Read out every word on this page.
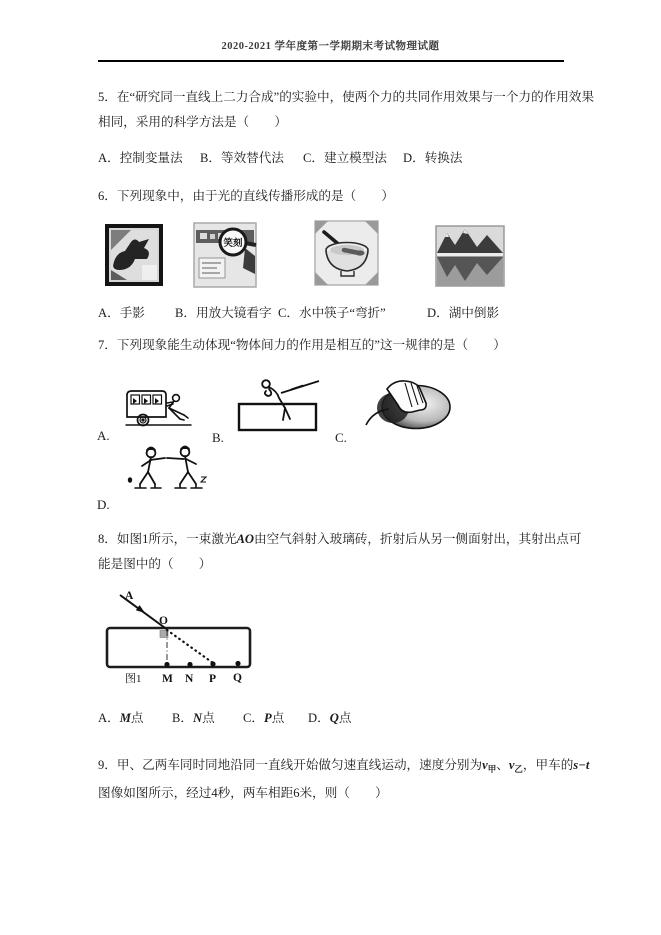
2020-2021 学年度第一学期期末考试物理试题
5．在“研究同一直线上二力合成”的实验中，使两个力的共同作用效果与一个力的作用效果
相同，采用的科学方法是（　　）
A．控制变量法 B．等效替代法 C．建立模型法 D．转换法
6．下列现象中，由于光的直线传播形成的是（　　）
笑刻
A．手影 B．用放大镜看字 C．水中筷子“弯折”	D．湖中倒影
7．下列现象能生动体现“物体间力的作用是相互的”这一规律的是（　　）
A.	B.	C.
D.
8．如图1所示，一束激光AO由空气斜射入玻璃砖，折射后从另一侧面射出，其射出点可
能是图中的（　　）
A
O
M N P Q
图1
A．M点 B．N点 C．P点 D．Q点
9．甲、乙两车同时同地沿同一直线开始做匀速直线运动，速度分别为$v_甲$、$v_乙$，甲车的s−t
图像如图所示，经过4秒，两车相距6米，则（　　）
